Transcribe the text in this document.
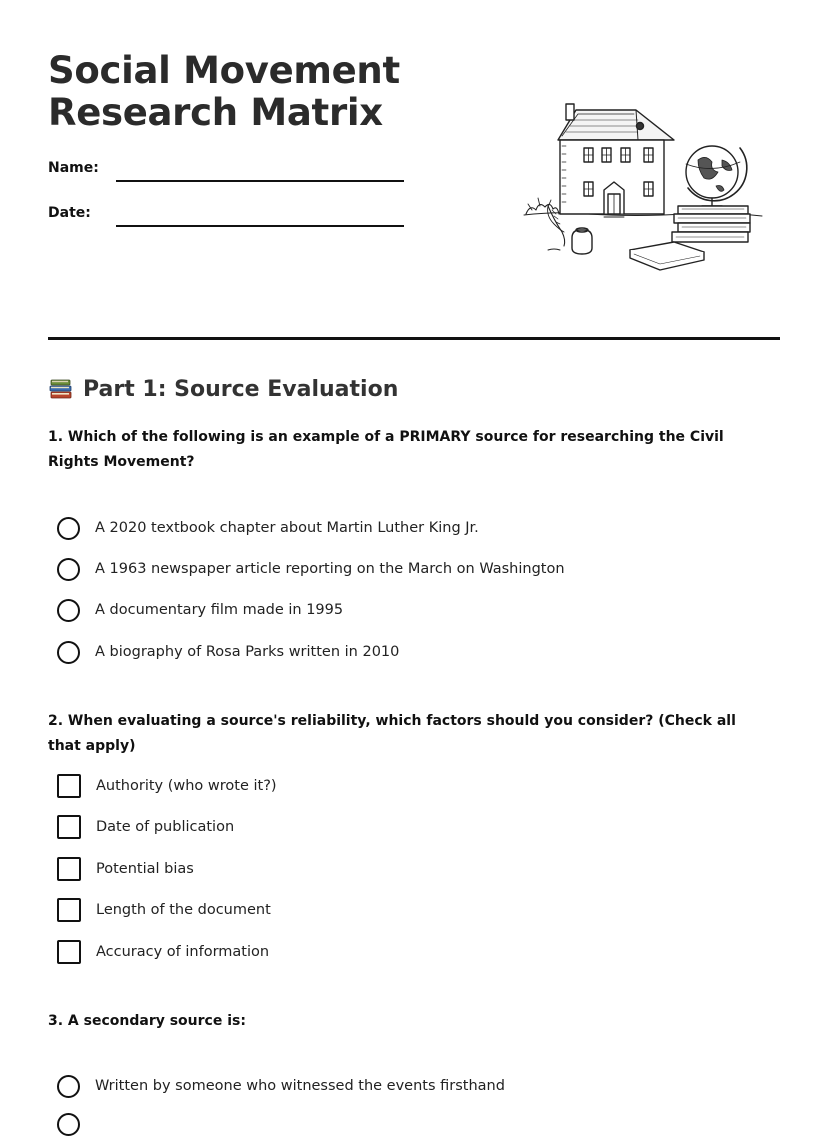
Social Movement
Research Matrix
Name:
Date:
Part 1: Source Evaluation
1. Which of the following is an example of a PRIMARY source for researching the Civil Rights Movement?
A 2020 textbook chapter about Martin Luther King Jr.
A 1963 newspaper article reporting on the March on Washington
A documentary film made in 1995
A biography of Rosa Parks written in 2010
2. When evaluating a source's reliability, which factors should you consider? (Check all that apply)
Authority (who wrote it?)
Date of publication
Potential bias
Length of the document
Accuracy of information
3. A secondary source is:
Written by someone who witnessed the events firsthand
